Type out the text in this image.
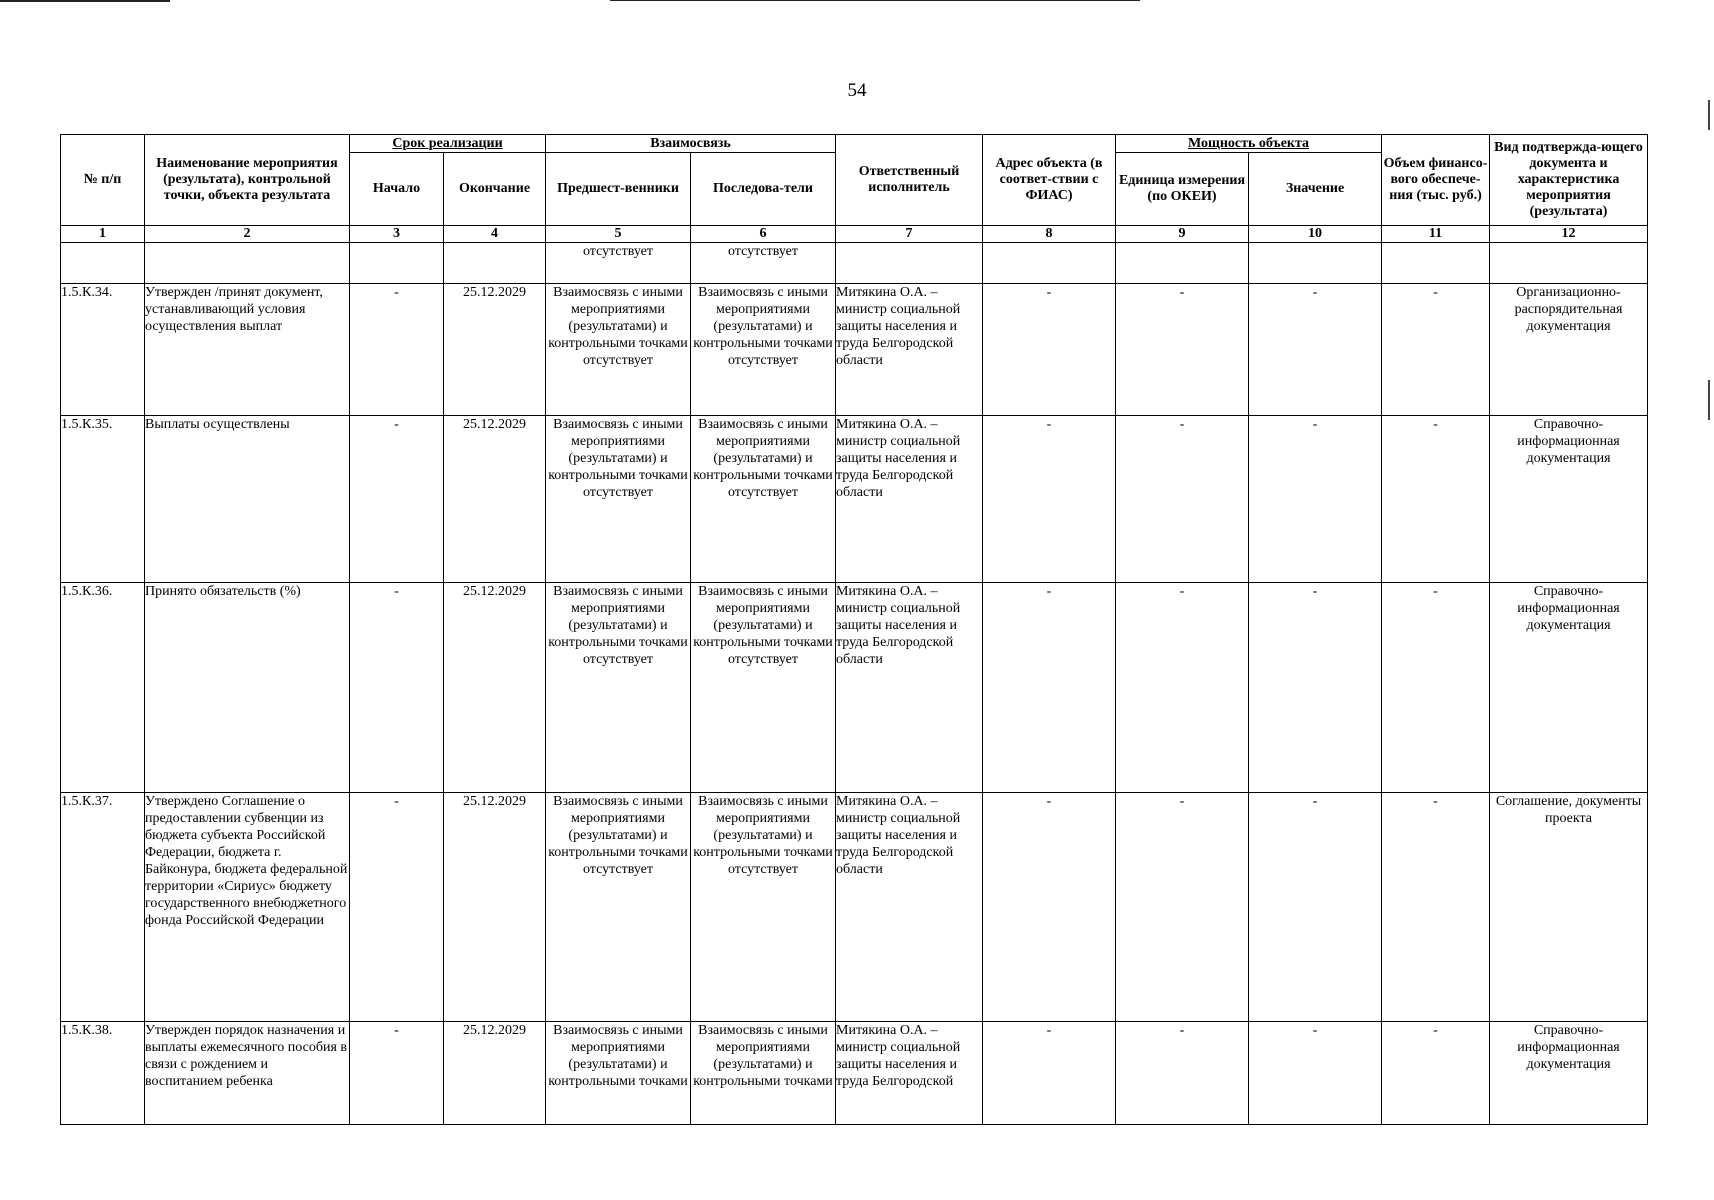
54
№ п/п	Наименование мероприятия (результата), контрольной точки, объекта результата	Срок реализации		Взаимосвязь		Ответственный исполнитель	Адрес объекта (в соответ-ствии с ФИАС)	Мощность объекта		Объем финансо-вого обеспече-ния (тыс. руб.)	Вид подтвержда-ющего документа и характеристика мероприятия (результата)
		Начало	Окончание	Предшест-венники	Последова-тели			Единица измерения (по ОКЕИ)	Значение		
1	2	3	4	5	6	7	8	9	10	11	12
				отсутствует	отсутствует						
1.5.К.34.	Утвержден /принят документ, устанавливающий условия осуществления выплат	-	25.12.2029	Взаимосвязь с иными мероприятиями (результатами) и контрольными точками отсутствует	Взаимосвязь с иными мероприятиями (результатами) и контрольными точками отсутствует	Митякина О.А. – министр социальной защиты населения и труда Белгородской области	-	-	-	-	Организационно-распорядительная документация
1.5.К.35.	Выплаты осуществлены	-	25.12.2029	Взаимосвязь с иными мероприятиями (результатами) и контрольными точками отсутствует	Взаимосвязь с иными мероприятиями (результатами) и контрольными точками отсутствует	Митякина О.А. – министр социальной защиты населения и труда Белгородской области	-	-	-	-	Справочно-информационная документация
1.5.К.36.	Принято обязательств (%)	-	25.12.2029	Взаимосвязь с иными мероприятиями (результатами) и контрольными точками отсутствует	Взаимосвязь с иными мероприятиями (результатами) и контрольными точками отсутствует	Митякина О.А. – министр социальной защиты населения и труда Белгородской области	-	-	-	-	Справочно-информационная документация
1.5.К.37.	Утверждено Соглашение о предоставлении субвенции из бюджета субъекта Российской Федерации, бюджета г. Байконура, бюджета федеральной территории «Сириус» бюджету государственного внебюджетного фонда Российской Федерации	-	25.12.2029	Взаимосвязь с иными мероприятиями (результатами) и контрольными точками отсутствует	Взаимосвязь с иными мероприятиями (результатами) и контрольными точками отсутствует	Митякина О.А. – министр социальной защиты населения и труда Белгородской области	-	-	-	-	Соглашение, документы проекта
1.5.К.38.	Утвержден порядок назначения и выплаты ежемесячного пособия в связи с рождением и воспитанием ребенка	-	25.12.2029	Взаимосвязь с иными мероприятиями (результатами) и контрольными точками	Взаимосвязь с иными мероприятиями (результатами) и контрольными точками	Митякина О.А. – министр социальной защиты населения и труда Белгородской	-	-	-	-	Справочно-информационная документация
